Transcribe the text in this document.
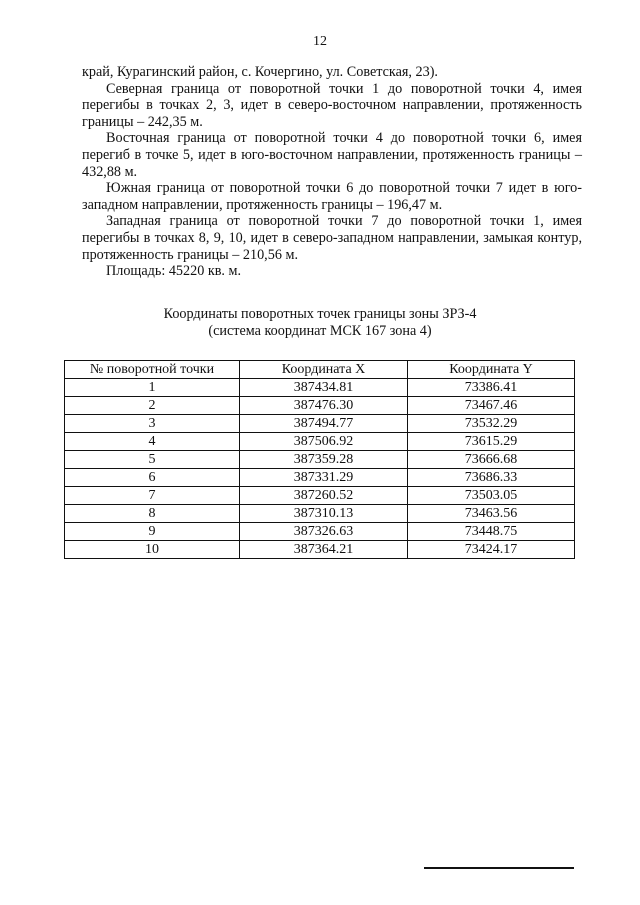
12

край, Курагинский район, с. Кочергино, ул. Советская, 23).

Северная граница от поворотной точки 1 до поворотной точки 4, имея перегибы в точках 2, 3, идет в северо-восточном направлении, протяженность границы – 242,35 м.

Восточная граница от поворотной точки 4 до поворотной точки 6, имея перегиб в точке 5, идет в юго-восточном направлении, протяженность границы – 432,88 м.

Южная граница от поворотной точки 6 до поворотной точки 7 идет в юго-западном направлении, протяженность границы – 196,47 м.

Западная граница от поворотной точки 7 до поворотной точки 1, имея перегибы в точках 8, 9, 10, идет в северо-западном направлении, замыкая контур, протяженность границы – 210,56 м.

Площадь: 45220 кв. м.

Координаты поворотных точек границы зоны ЗРЗ-4
(система координат МСК 167 зона 4)
№ поворотной точки	Координата X	Координата Y
1	387434.81	73386.41
2	387476.30	73467.46
3	387494.77	73532.29
4	387506.92	73615.29
5	387359.28	73666.68
6	387331.29	73686.33
7	387260.52	73503.05
8	387310.13	73463.56
9	387326.63	73448.75
10	387364.21	73424.17
